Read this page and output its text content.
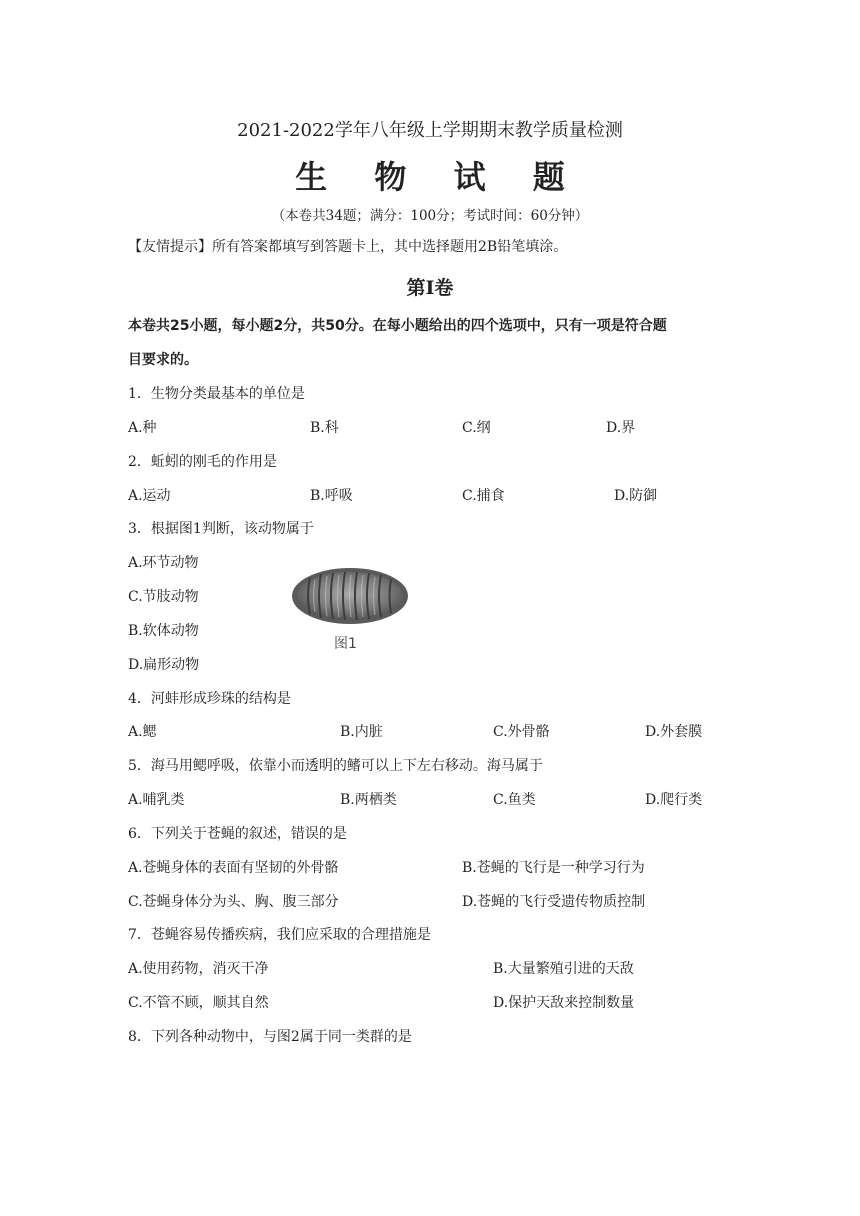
2021-2022学年八年级上学期期末教学质量检测
生 物 试 题
（本卷共34题；满分：100分；考试时间：60分钟）
【友情提示】所有答案都填写到答题卡上，其中选择题用2B铅笔填涂。
第Ⅰ卷
本卷共25小题，每小题2分，共50分。在每小题给出的四个选项中，只有一项是符合题
目要求的。
1．生物分类最基本的单位是
A.种	B.科	C.纲	D.界
2．蚯蚓的刚毛的作用是
A.运动	B.呼吸	C.捕食	D.防御
3．根据图1判断，该动物属于
A.环节动物
C.节肢动物
B.软体动物
D.扁形动物
图1
4．河蚌形成珍珠的结构是
A.鳃	B.内脏	C.外骨骼	D.外套膜
5．海马用鳃呼吸，依靠小而透明的鳍可以上下左右移动。海马属于
A.哺乳类	B.两栖类	C.鱼类	D.爬行类
6．下列关于苍蝇的叙述，错误的是
A.苍蝇身体的表面有坚韧的外骨骼	B.苍蝇的飞行是一种学习行为
C.苍蝇身体分为头、胸、腹三部分	D.苍蝇的飞行受遗传物质控制
7．苍蝇容易传播疾病，我们应采取的合理措施是
A.使用药物，消灭干净	B.大量繁殖引进的天敌
C.不管不顾，顺其自然	D.保护天敌来控制数量
8．下列各种动物中，与图2属于同一类群的是
